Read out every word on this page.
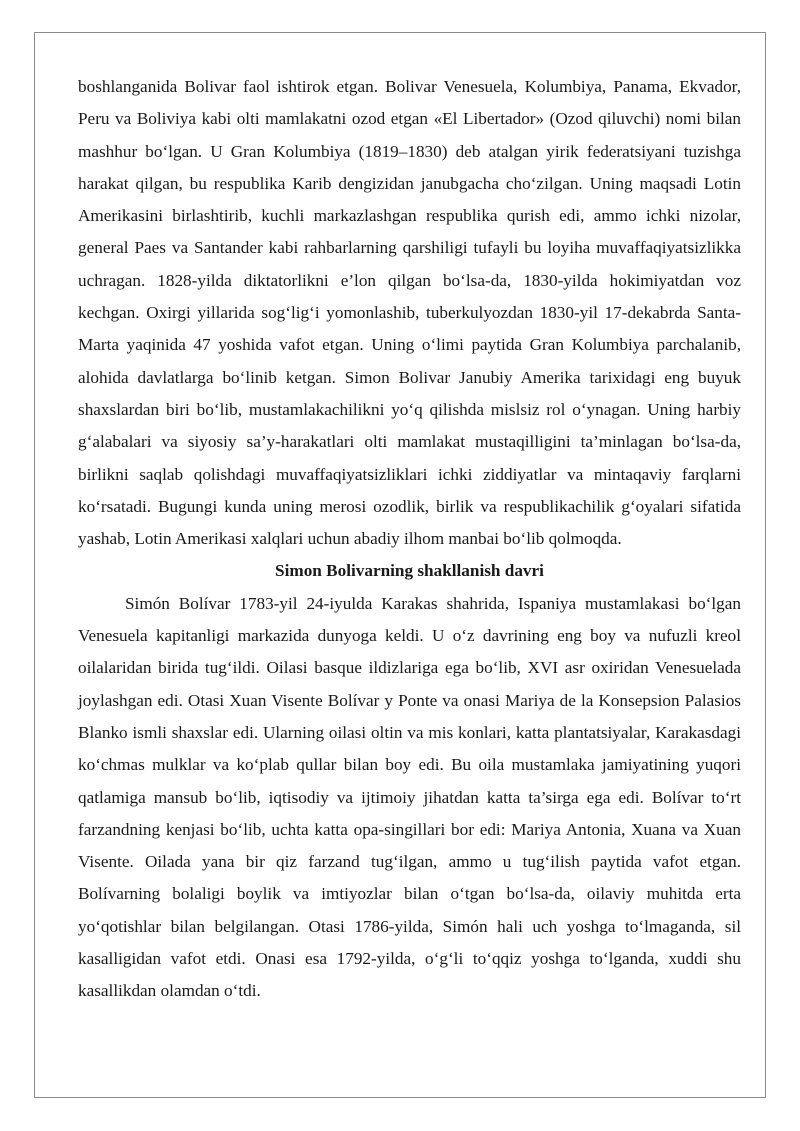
boshlanganida Bolivar faol ishtirok etgan. Bolivar Venesuela, Kolumbiya, Panama, Ekvador, Peru va Boliviya kabi olti mamlakatni ozod etgan «El Libertador» (Ozod qiluvchi) nomi bilan mashhur bo‘lgan. U Gran Kolumbiya (1819–1830) deb atalgan yirik federatsiyani tuzishga harakat qilgan, bu respublika Karib dengizidan janubgacha cho‘zilgan. Uning maqsadi Lotin Amerikasini birlashtirib, kuchli markazlashgan respublika qurish edi, ammo ichki nizolar, general Paes va Santander kabi rahbarlarning qarshiligi tufayli bu loyiha muvaffaqiyatsizlikka uchragan. 1828-yilda diktatorlikni e’lon qilgan bo‘lsa-da, 1830-yilda hokimiyatdan voz kechgan. Oxirgi yillarida sog‘lig‘i yomonlashib, tuberkulyozdan 1830-yil 17-dekabrda Santa-Marta yaqinida 47 yoshida vafot etgan. Uning o‘limi paytida Gran Kolumbiya parchalanib, alohida davlatlarga bo‘linib ketgan. Simon Bolivar Janubiy Amerika tarixidagi eng buyuk shaxslardan biri bo‘lib, mustamlakachilikni yo‘q qilishda mislsiz rol o‘ynagan. Uning harbiy g‘alabalari va siyosiy sa’y-harakatlari olti mamlakat mustaqilligini ta’minlagan bo‘lsa-da, birlikni saqlab qolishdagi muvaffaqiyatsizliklari ichki ziddiyatlar va mintaqaviy farqlarni ko‘rsatadi. Bugungi kunda uning merosi ozodlik, birlik va respublikachilik g‘oyalari sifatida yashab, Lotin Amerikasi xalqlari uchun abadiy ilhom manbai bo‘lib qolmoqda.

Simon Bolivarning shakllanish davri

Simón Bolívar 1783-yil 24-iyulda Karakas shahrida, Ispaniya mustamlakasi bo‘lgan Venesuela kapitanligi markazida dunyoga keldi. U o‘z davrining eng boy va nufuzli kreol oilalaridan birida tug‘ildi. Oilasi basque ildizlariga ega bo‘lib, XVI asr oxiridan Venesuelada joylashgan edi. Otasi Xuan Visente Bolívar y Ponte va onasi Mariya de la Konsepsion Palasios Blanko ismli shaxslar edi. Ularning oilasi oltin va mis konlari, katta plantatsiyalar, Karakasdagi ko‘chmas mulklar va ko‘plab qullar bilan boy edi. Bu oila mustamlaka jamiyatining yuqori qatlamiga mansub bo‘lib, iqtisodiy va ijtimoiy jihatdan katta ta’sirga ega edi. Bolívar to‘rt farzandning kenjasi bo‘lib, uchta katta opa-singillari bor edi: Mariya Antonia, Xuana va Xuan Visente. Oilada yana bir qiz farzand tug‘ilgan, ammo u tug‘ilish paytida vafot etgan. Bolívarning bolaligi boylik va imtiyozlar bilan o‘tgan bo‘lsa-da, oilaviy muhitda erta yo‘qotishlar bilan belgilangan. Otasi 1786-yilda, Simón hali uch yoshga to‘lmaganda, sil kasalligidan vafot etdi. Onasi esa 1792-yilda, o‘g‘li to‘qqiz yoshga to‘lganda, xuddi shu kasallikdan olamdan o‘tdi.
